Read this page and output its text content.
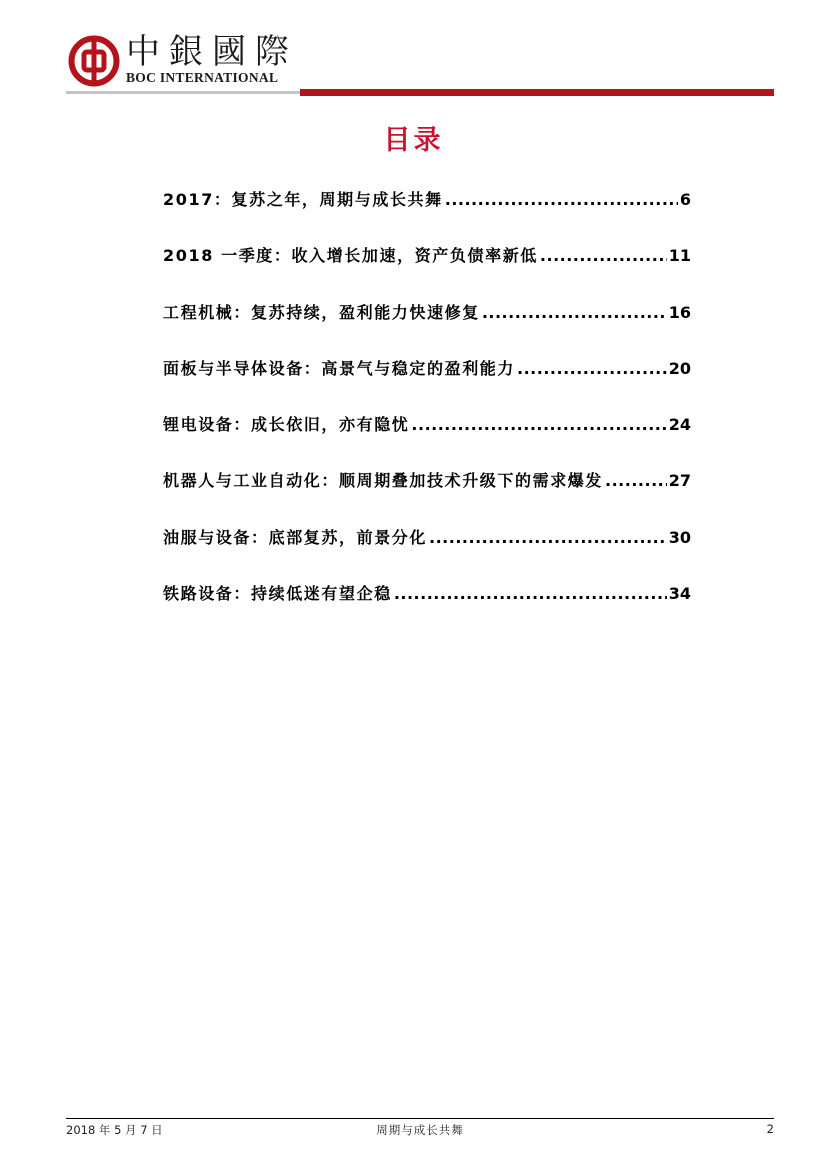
中銀國際
BOC INTERNATIONAL
目录
2017：复苏之年，周期与成长共舞 .....	6
2018 一季度：收入增长加速，资产负债率新低 .....	11
工程机械：复苏持续，盈利能力快速修复 .....	16
面板与半导体设备：高景气与稳定的盈利能力 .....	20
锂电设备：成长依旧，亦有隐忧 .....	24
机器人与工业自动化：顺周期叠加技术升级下的需求爆发 .....	27
油服与设备：底部复苏，前景分化 .....	30
铁路设备：持续低迷有望企稳 .....	34
2018 年 5 月 7 日	周期与成长共舞	2
